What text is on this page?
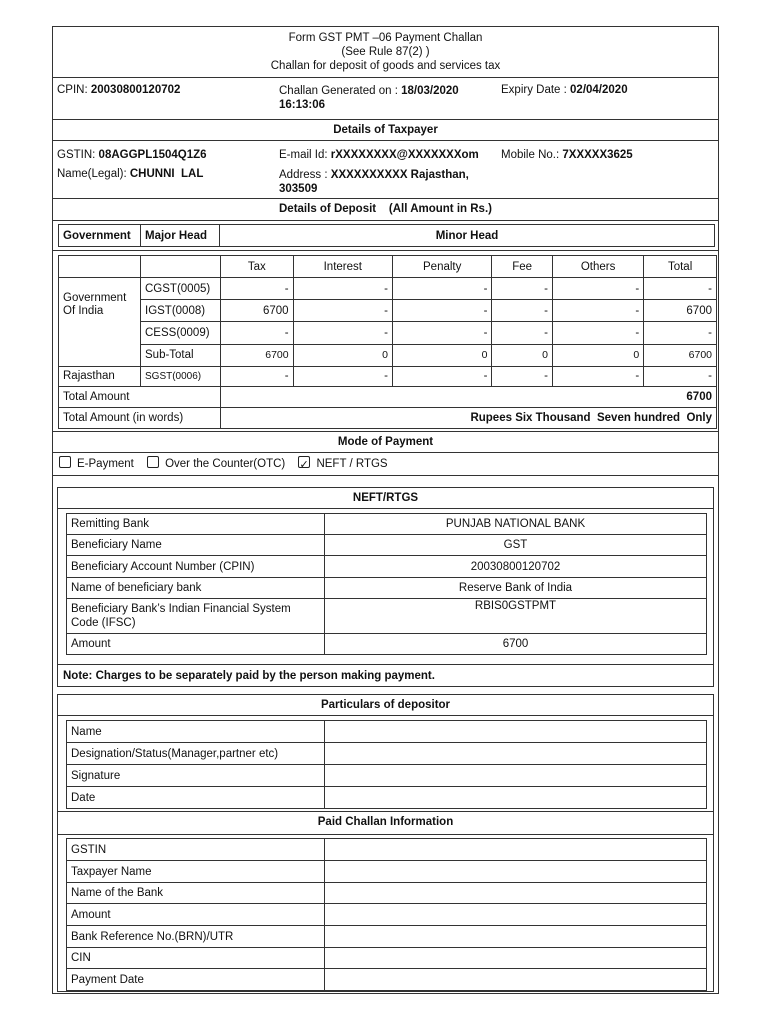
Form GST PMT –06 Payment Challan
(See Rule 87(2) )
Challan for deposit of goods and services tax
CPIN: 20030800120702	Challan Generated on : 18/03/2020
16:13:06
Expiry Date : 02/04/2020
Details of Taxpayer
GSTIN: 08AGGPL1504Q1Z6	E-mail Id: rXXXXXXXX@XXXXXXXom Mobile No.: 7XXXXX3625
Name(Legal): CHUNNI  LAL	Address : XXXXXXXXXX Rajasthan,
303509
Details of Deposit    (All Amount in Rs.)
Government	Major Head	Minor Head
		Tax	Interest	Penalty	Fee	Others	Total
Government
Of India	CGST(0005)	-	-	-	-	-	-
	IGST(0008)	6700	-	-	-	-	6700
	CESS(0009)	-	-	-	-	-	-
	Sub-Total	6700	0	0	0	0	6700
Rajasthan	SGST(0006)	-	-	-	-	-	-
Total Amount		6700					
Total Amount (in words)		Rupees Six Thousand  Seven hundred  Only					
Mode of Payment
E-Payment	Over the Counter(OTC) ✓	NEFT / RTGS
NEFT/RTGS
Remitting Bank	PUNJAB NATIONAL BANK
Beneficiary Name	GST
Beneficiary Account Number (CPIN)	20030800120702
Name of beneficiary bank	Reserve Bank of India
Beneficiary Bank’s Indian Financial System
Code (IFSC)	RBIS0GSTPMT
Amount	6700
Note: Charges to be separately paid by the person making payment.
Particulars of depositor
Name	
Designation/Status(Manager,partner etc)	
Signature	
Date	
Paid Challan Information
GSTIN	
Taxpayer Name	
Name of the Bank	
Amount	
Bank Reference No.(BRN)/UTR	
CIN	
Payment Date	
